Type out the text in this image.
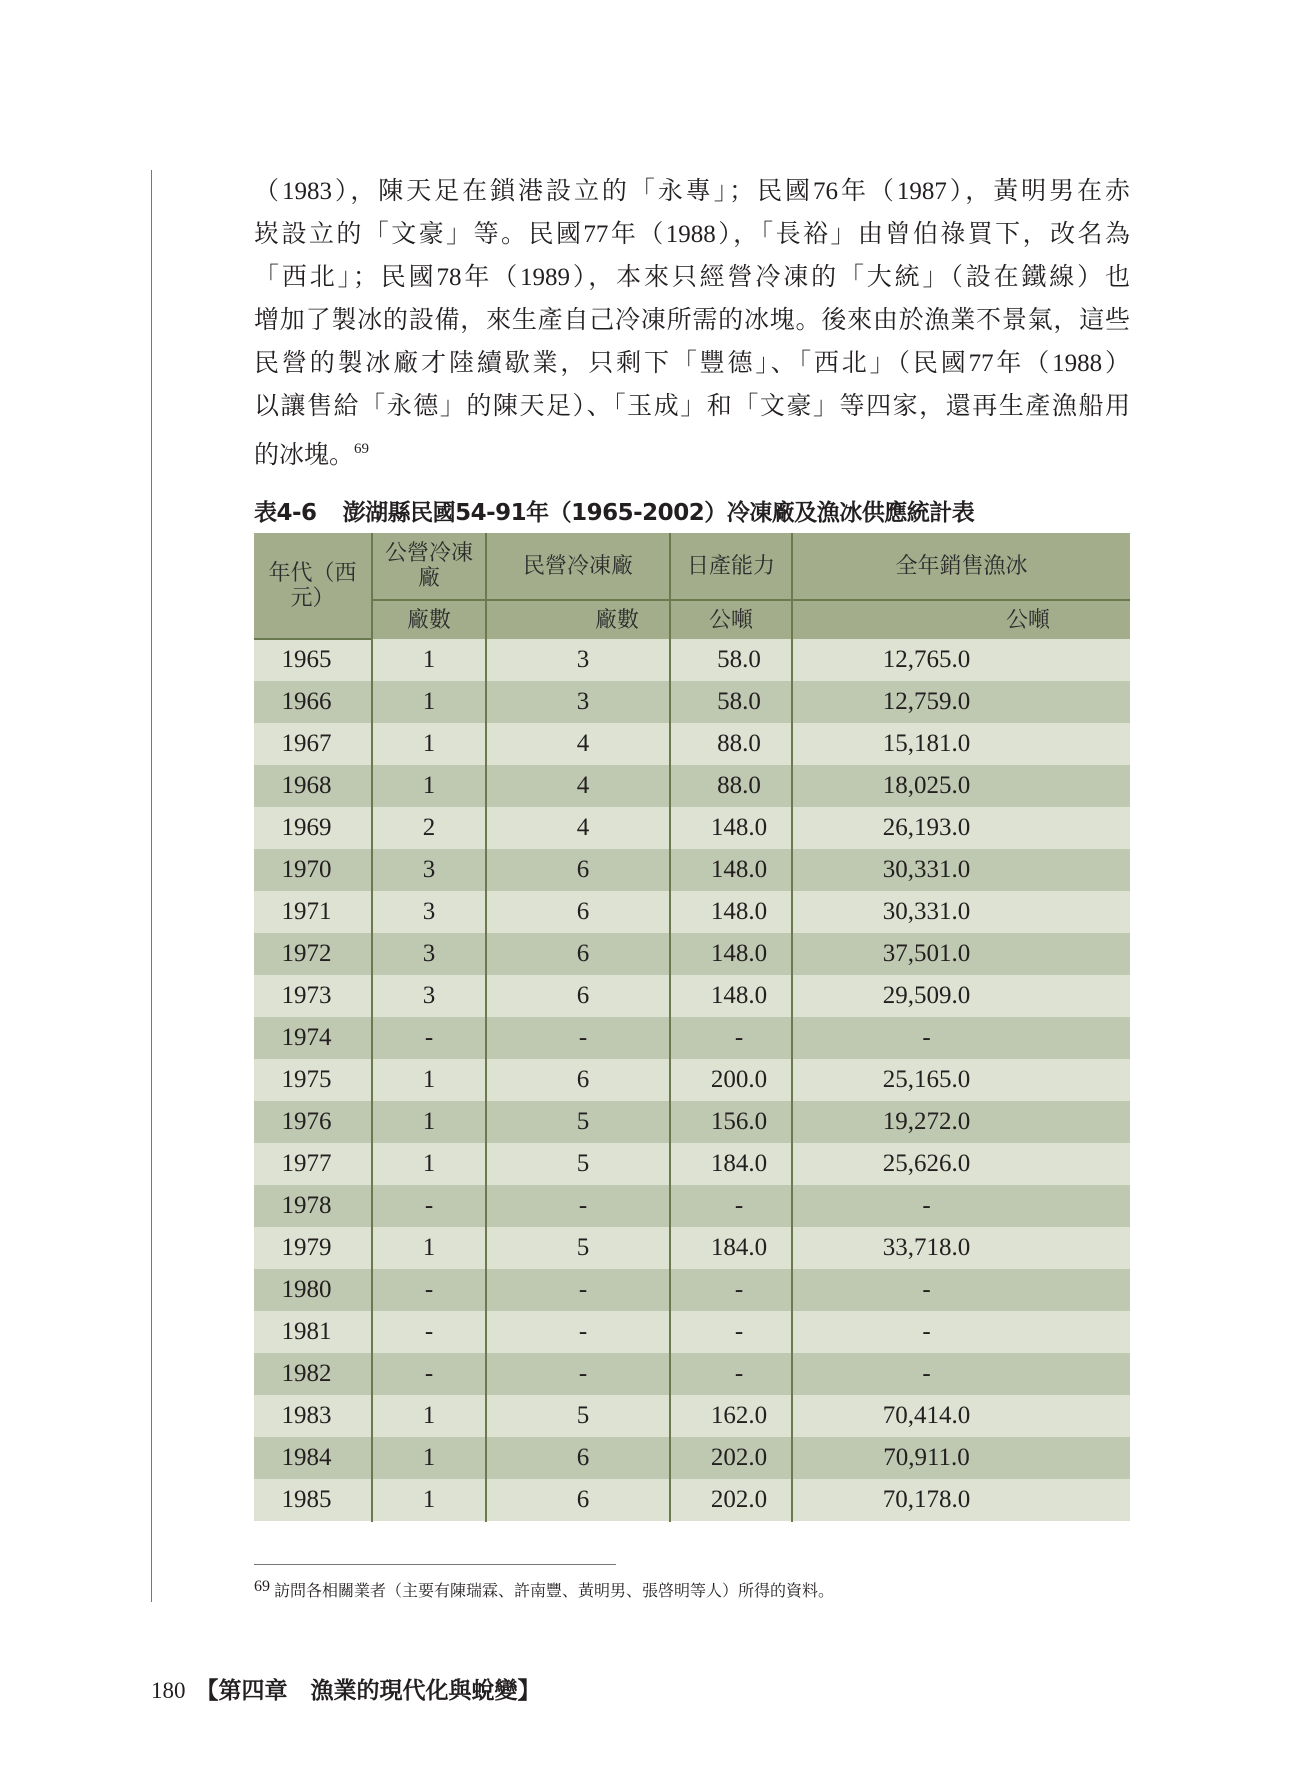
（1983），陳天足在鎖港設立的「永專」；民國76年（1987），黃明男在赤
崁設立的「文豪」等。民國77年（1988），「長裕」由曾伯祿買下，改名為
「西北」；民國78年（1989），本來只經營冷凍的「大統」（設在鐵線）也
增加了製冰的設備，來生產自己冷凍所需的冰塊。後來由於漁業不景氣，這些
民營的製冰廠才陸續歇業，只剩下「豐德」、「西北」（民國77年（1988）
以讓售給「永德」的陳天足）、「玉成」和「文豪」等四家，還再生產漁船用
的冰塊。$^{69}$
表4-6 澎湖縣民國54-91年（1965-2002）冷凍廠及漁冰供應統計表
年代（西元）	公營冷凍廠	民營冷凍廠	日產能力	全年銷售漁冰
	廠數	廠數	公噸	公噸
1965	1	3	58.0	12,765.0
1966	1	3	58.0	12,759.0
1967	1	4	88.0	15,181.0
1968	1	4	88.0	18,025.0
1969	2	4	148.0	26,193.0
1970	3	6	148.0	30,331.0
1971	3	6	148.0	30,331.0
1972	3	6	148.0	37,501.0
1973	3	6	148.0	29,509.0
1974	-	-	-	-
1975	1	6	200.0	25,165.0
1976	1	5	156.0	19,272.0
1977	1	5	184.0	25,626.0
1978	-	-	-	-
1979	1	5	184.0	33,718.0
1980	-	-	-	-
1981	-	-	-	-
1982	-	-	-	-
1983	1	5	162.0	70,414.0
1984	1	6	202.0	70,911.0
1985	1	6	202.0	70,178.0
69 訪問各相關業者（主要有陳瑞霖、許南豐、黃明男、張啓明等人）所得的資料。
180 【第四章　漁業的現代化與蛻變】
